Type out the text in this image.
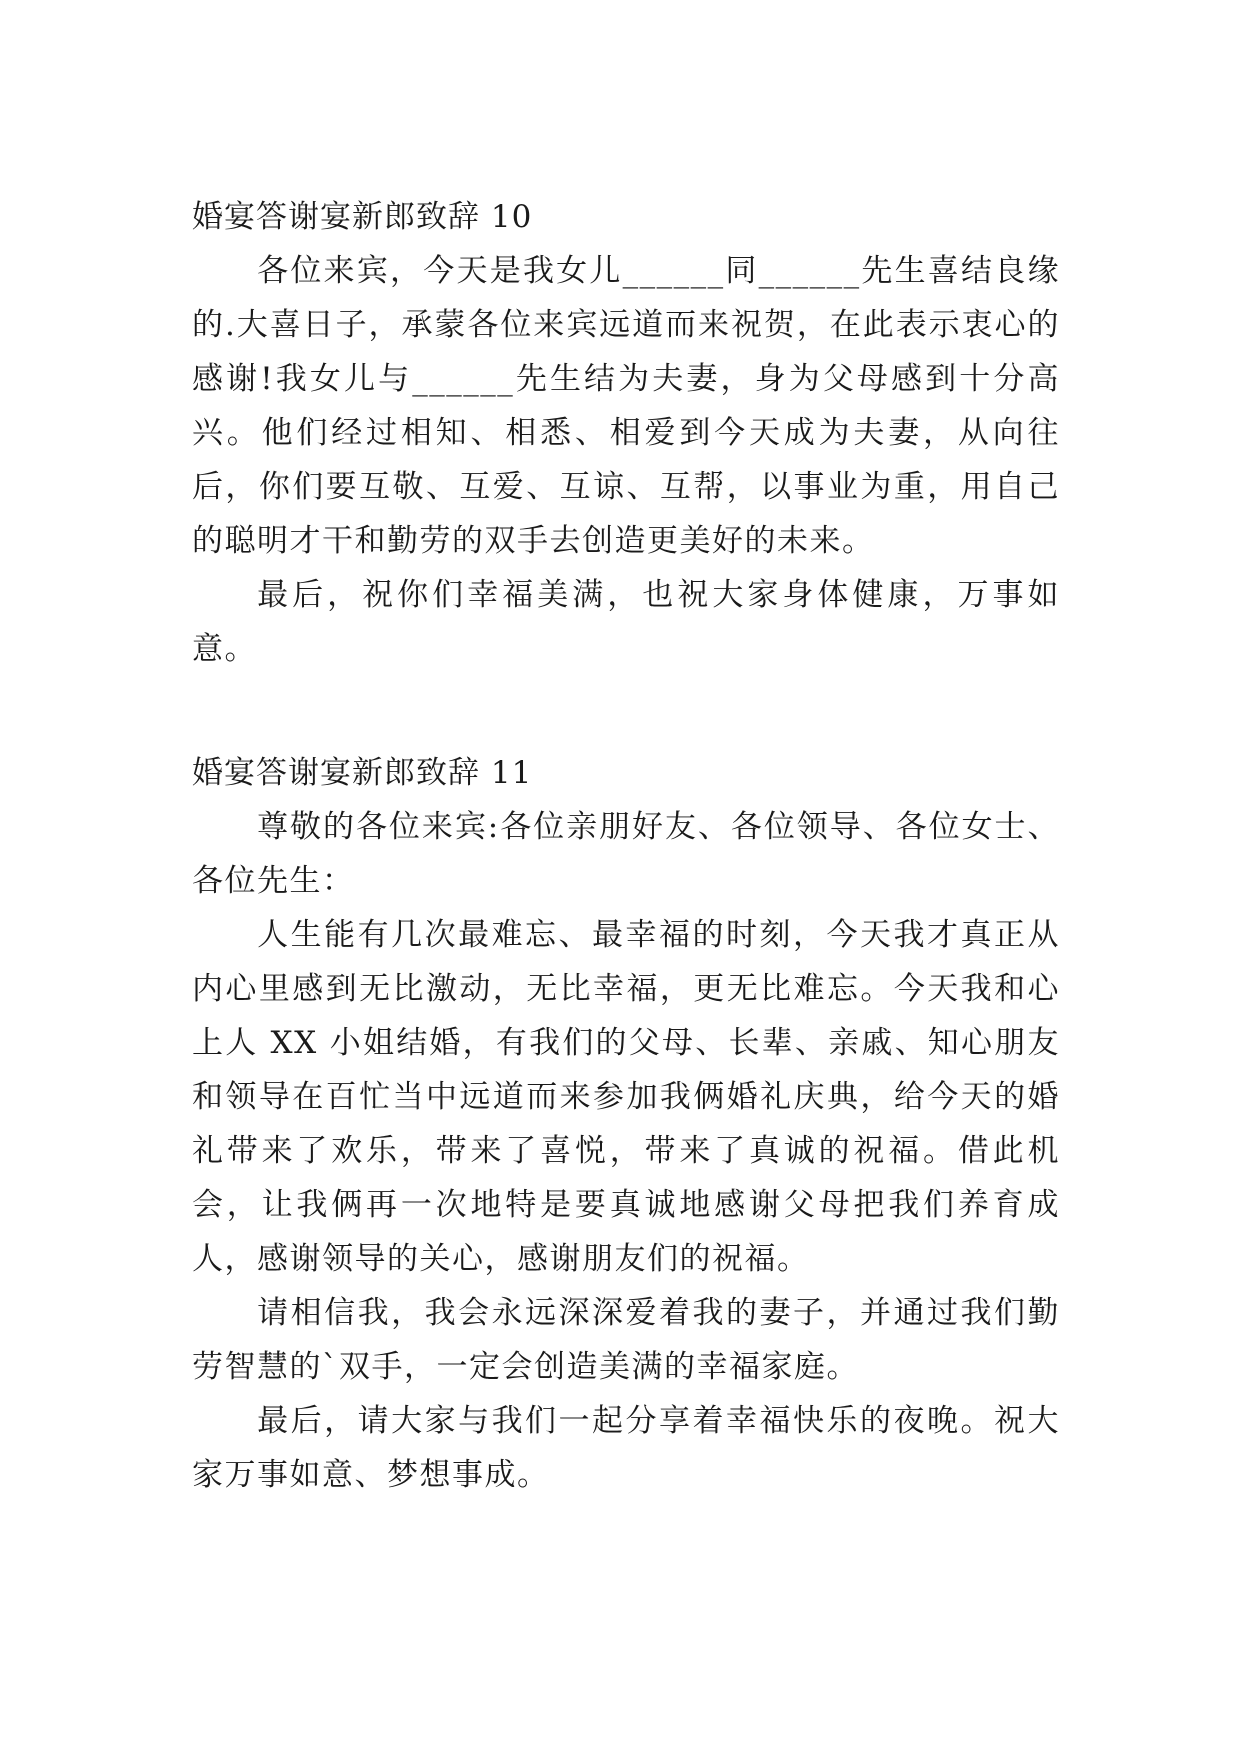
婚宴答谢宴新郎致辞 10

各位来宾，今天是我女儿______同______先生喜结良缘的.大喜日子，承蒙各位来宾远道而来祝贺，在此表示衷心的感谢!我女儿与______先生结为夫妻，身为父母感到十分高兴。他们经过相知、相悉、相爱到今天成为夫妻，从向往后，你们要互敬、互爱、互谅、互帮，以事业为重，用自己的聪明才干和勤劳的双手去创造更美好的未来。

最后，祝你们幸福美满，也祝大家身体健康，万事如意。

婚宴答谢宴新郎致辞 11

尊敬的各位来宾:各位亲朋好友、各位领导、各位女士、各位先生：

人生能有几次最难忘、最幸福的时刻，今天我才真正从内心里感到无比激动，无比幸福，更无比难忘。今天我和心上人 XX 小姐结婚，有我们的父母、长辈、亲戚、知心朋友和领导在百忙当中远道而来参加我俩婚礼庆典，给今天的婚礼带来了欢乐，带来了喜悦，带来了真诚的祝福。借此机会，让我俩再一次地特是要真诚地感谢父母把我们养育成人，感谢领导的关心，感谢朋友们的祝福。

请相信我，我会永远深深爱着我的妻子，并通过我们勤劳智慧的`双手，一定会创造美满的幸福家庭。

最后，请大家与我们一起分享着幸福快乐的夜晚。祝大家万事如意、梦想事成。
